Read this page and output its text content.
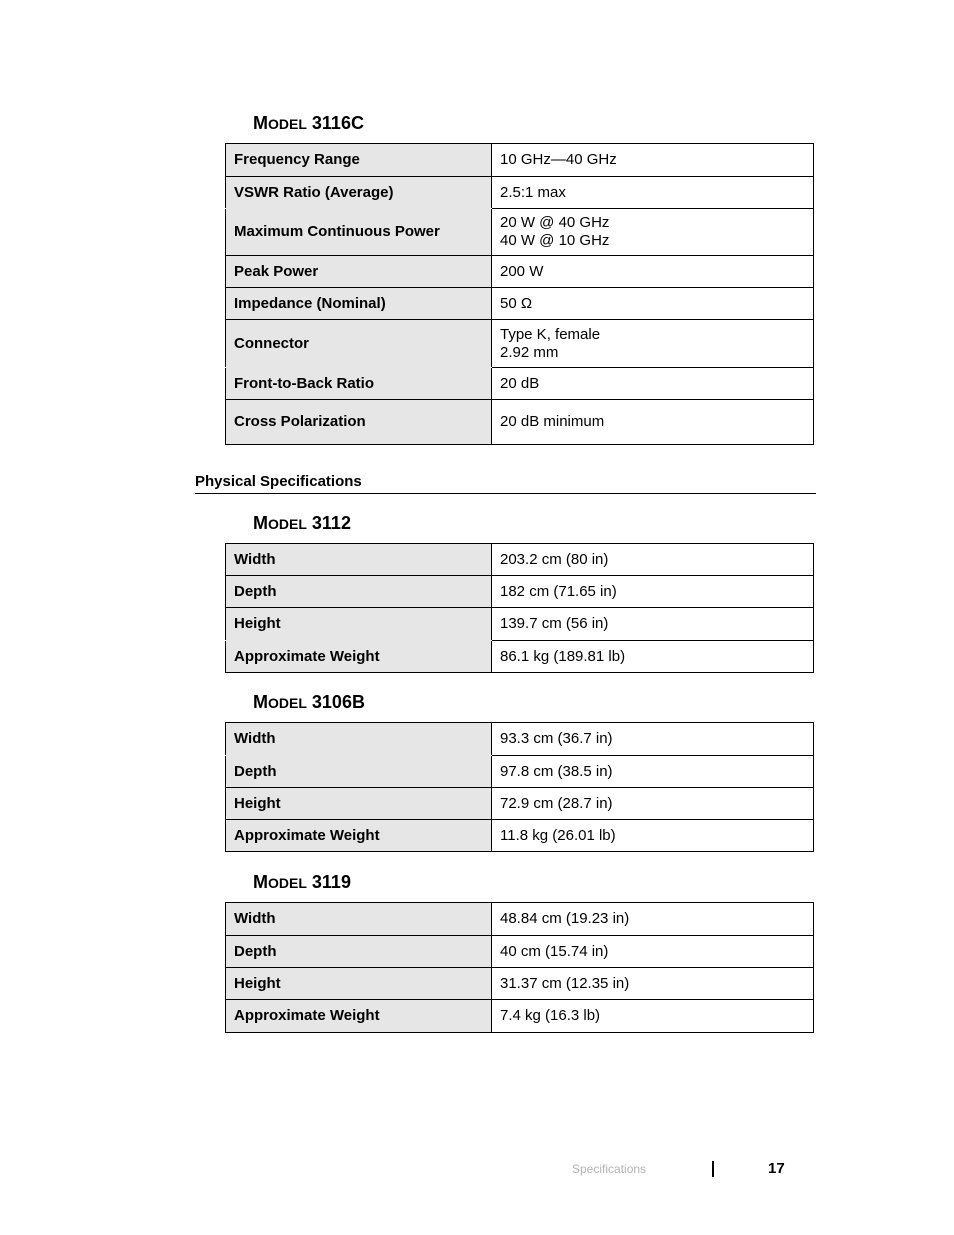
MODEL 3116C
Frequency Range	10 GHz—40 GHz
VSWR Ratio (Average)	2.5:1 max
Maximum Continuous Power	20 W @ 40 GHz
40 W @ 10 GHz
Peak Power	200 W
Impedance (Nominal)	50 Ω
Connector	Type K, female
2.92 mm
Front-to-Back Ratio	20 dB
Cross Polarization	20 dB minimum
Physical Specifications
MODEL 3112
Width	203.2 cm (80 in)
Depth	182 cm (71.65 in)
Height	139.7 cm (56 in)
Approximate Weight	86.1 kg (189.81 lb)
MODEL 3106B
Width	93.3 cm (36.7 in)
Depth	97.8 cm (38.5 in)
Height	72.9 cm (28.7 in)
Approximate Weight	11.8 kg (26.01 lb)
MODEL 3119
Width	48.84 cm (19.23 in)
Depth	40 cm (15.74 in)
Height	31.37 cm (12.35 in)
Approximate Weight	7.4 kg (16.3 lb)
Specifications	17
